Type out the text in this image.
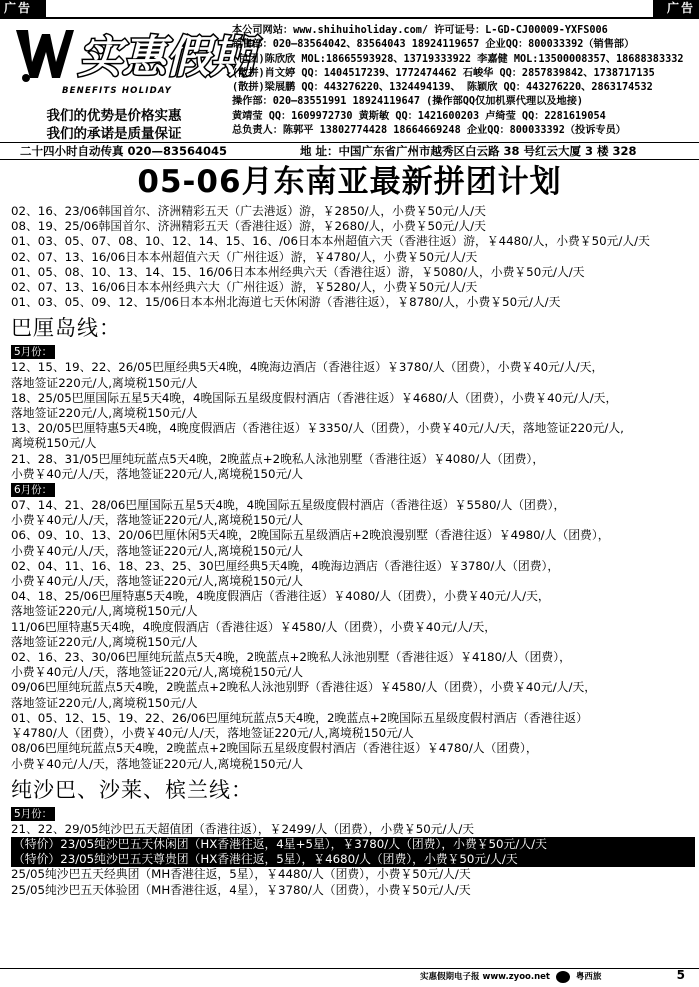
广告	广告
实惠假期
BENEFITS HOLIDAY
我们的优势是价格实惠
我们的承诺是质量保证
本公司网站：www.shihuiholiday.com/ 许可证号：L-GD-CJ00009-YXFS006
销售部：020—83564042、83564043 18924119657 企业QQ：800033392（销售部）
(包团)陈欣欣 MOL:18665593928、13719333922 李嘉健 MOL:13500008357、18688383332
(散拼)肖文婷 QQ：1404517239、1772474462 石峻华 QQ：2857839842、1738717135
(散拼)梁展鹏 QQ：443276220、1324494139、 陈颖欣 QQ：443276220、2863174532
操作部：020—83551991 18924119647 (操作部QQ仅加机票代理以及地接)
黄靖莹 QQ：1609972730 黄斯敏 QQ：1421600203 卢绮莹 QQ：2281619054
总负责人：陈郭平 13802774428 18664669248 企业QQ：800033392（投诉专员）
二十四小时自动传真 020—83564045	地 址：中国广东省广州市越秀区白云路 38 号红云大厦 3 楼 328
05-06月东南亚最新拼团计划
02、16、23/06韩国首尔、济洲精彩五天（广去港返）游，￥2850/人，小费￥50元/人/天
08、19、25/06韩国首尔、济洲精彩五天（香港往返）游，￥2680/人，小费￥50元/人/天
01、03、05、07、08、10、12、14、15、16、/06日本本州超值六天（香港往返）游，￥4480/人，小费￥50元/人/天
02、07、13、16/06日本本州超值六天（广州往返）游，￥4780/人，小费￥50元/人/天
01、05、08、10、13、14、15、16/06日本本州经典六天（香港往返）游，￥5080/人，小费￥50元/人/天
02、07、13、16/06日本本州经典六大（广州往返）游，￥5280/人，小费￥50元/人/天
01、03、05、09、12、15/06日本本州北海道七天休闲游（香港往返），￥8780/人，小费￥50元/人/天
巴厘岛线：
5月份：
12、15、19、22、26/05巴厘经典5天4晚，4晚海边酒店（香港往返）￥3780/人（团费），小费￥40元/人/天，
落地签证220元/人,离境税150元/人
18、25/05巴厘国际五星5天4晚，4晚国际五星级度假村酒店（香港往返）￥4680/人（团费），小费￥40元/人/天，
落地签证220元/人,离境税150元/人
13、20/05巴厘特惠5天4晚，4晚度假酒店（香港往返）￥3350/人（团费），小费￥40元/人/天，落地签证220元/人,
离境税150元/人
21、28、31/05巴厘纯玩蓝点5天4晚，2晚蓝点+2晚私人泳池别墅（香港往返）￥4080/人（团费），
小费￥40元/人/天，落地签证220元/人,离境税150元/人
6月份：
07、14、21、28/06巴厘国际五星5天4晚，4晚国际五星级度假村酒店（香港往返）￥5580/人（团费），
小费￥40元/人/天，落地签证220元/人,离境税150元/人
06、09、10、13、20/06巴厘休闲5天4晚，2晚国际五星级酒店+2晚浪漫别墅（香港往返）￥4980/人（团费），
小费￥40元/人/天，落地签证220元/人,离境税150元/人
02、04、11、16、18、23、25、30巴厘经典5天4晚，4晚海边酒店（香港往返）￥3780/人（团费），
小费￥40元/人/天，落地签证220元/人,离境税150元/人
04、18、25/06巴厘特惠5天4晚，4晚度假酒店（香港往返）￥4080/人（团费），小费￥40元/人/天，
落地签证220元/人,离境税150元/人
11/06巴厘特惠5天4晚，4晚度假酒店（香港往返）￥4580/人（团费），小费￥40元/人/天，
落地签证220元/人,离境税150元/人
02、16、23、30/06巴厘纯玩蓝点5天4晚，2晚蓝点+2晚私人泳池别墅（香港往返）￥4180/人（团费），
小费￥40元/人/天，落地签证220元/人,离境税150元/人
09/06巴厘纯玩蓝点5天4晚，2晚蓝点+2晚私人泳池别野（香港往返）￥4580/人（团费），小费￥40元/人/天，
落地签证220元/人,离境税150元/人
01、05、12、15、19、22、26/06巴厘纯玩蓝点5天4晚，2晚蓝点+2晚国际五星级度假村酒店（香港往返）
￥4780/人（团费），小费￥40元/人/天，落地签证220元/人,离境税150元/人
08/06巴厘纯玩蓝点5天4晚，2晚蓝点+2晚国际五星级度假村酒店（香港往返）￥4780/人（团费），
小费￥40元/人/天，落地签证220元/人,离境税150元/人
纯沙巴、沙莱、槟兰线：
5月份：
21、22、29/05纯沙巴五天超值团（香港往返），￥2499/人（团费），小费￥50元/人/天
（特价）23/05纯沙巴五天休闲团（HX香港往返，4星+5星），￥3780/人（团费），小费￥50元/人/天
（特价）23/05纯沙巴五天尊贵团（HX香港往返，5星），￥4680/人（团费），小费￥50元/人/天
25/05纯沙巴五天经典团（MH香港往返，5星），￥4480/人（团费），小费￥50元/人/天
25/05纯沙巴五天体验团（MH香港往返，4星），￥3780/人（团费），小费￥50元/人/天
实惠假期电子报 www.zyoo.net	粤西旅	5
